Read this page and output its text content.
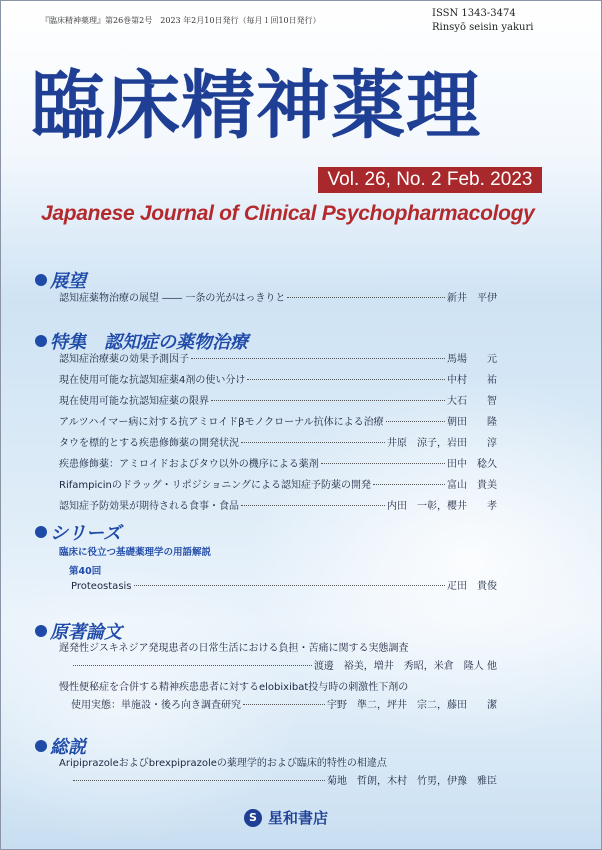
『臨床精神薬理』第26巻第2号　2023 年2月10日発行（毎月１回10日発行）
ISSN 1343-3474
Rinsyō seisin yakuri
臨床精神薬理
Vol. 26, No. 2 Feb. 2023
Japanese Journal of Clinical Psychopharmacology
展望
認知症薬物治療の展望 ―― 一条の光がはっきりと	新井　平伊
特集　認知症の薬物治療
認知症治療薬の効果予測因子	馬場　　元
現在使用可能な抗認知症薬4剤の使い分け	中村　　祐
現在使用可能な抗認知症薬の限界	大石　　智
アルツハイマー病に対する抗アミロイドβモノクローナル抗体による治療	朝田　　隆
タウを標的とする疾患修飾薬の開発状況	井原　涼子，岩田　　淳
疾患修飾薬：アミロイドおよびタウ以外の機序による薬剤	田中　稔久
Rifampicinのドラッグ・リポジショニングによる認知症予防薬の開発	富山　貴美
認知症予防効果が期待される食事・食品	内田　一彰，櫻井　　孝
シリーズ
臨床に役立つ基礎薬理学の用語解説
第40回
Proteostasis	疋田　貴俊
原著論文
遅発性ジスキネジア発現患者の日常生活における負担・苦痛に関する実態調査
渡邊　裕美，増井　秀昭，米倉　隆人 他
慢性便秘症を合併する精神疾患患者に対するelobixibat投与時の刺激性下剤の
使用実態：単施設・後ろ向き調査研究	宇野　準二，坪井　宗二，藤田　　潔
総説
Aripiprazoleおよびbrexpiprazoleの薬理学的および臨床的特性の相違点
菊地　哲朗，木村　竹男，伊豫　雅臣
S 星和書店
